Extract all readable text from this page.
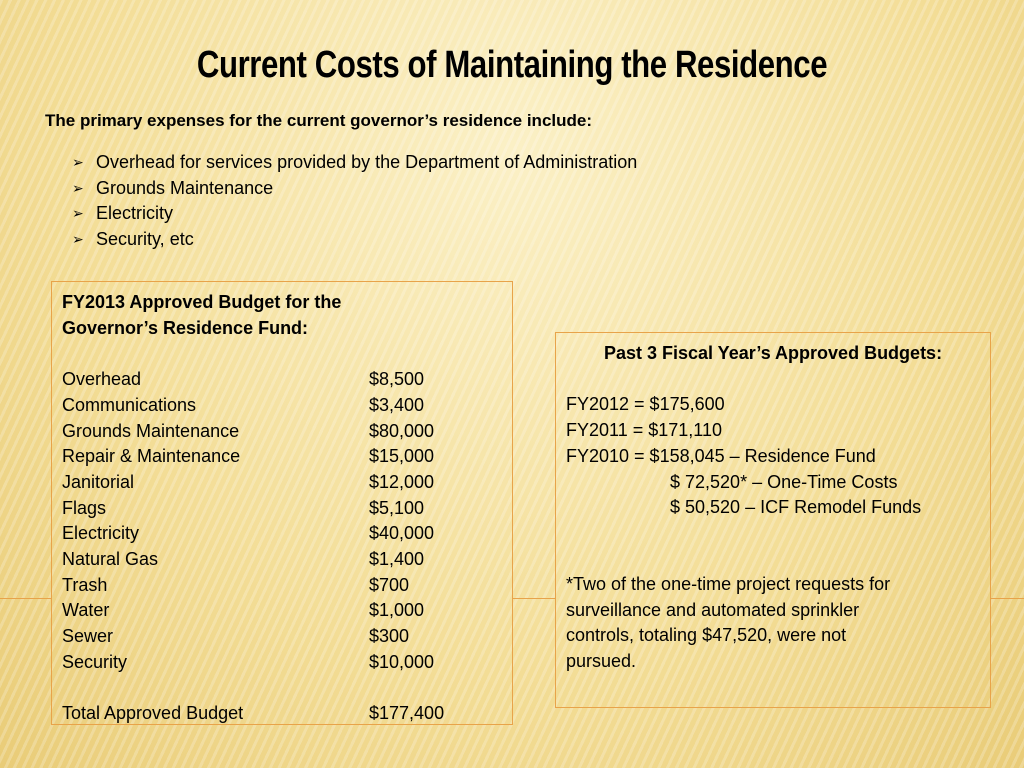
Current Costs of Maintaining the Residence
The primary expenses for the current governor’s residence include:
➢ Overhead for services provided by the Department of Administration
➢ Grounds Maintenance
➢ Electricity
➢ Security, etc
FY2013 Approved Budget for the
Governor’s Residence Fund:
Overhead	$8,500
Communications	$3,400
Grounds Maintenance	$80,000
Repair & Maintenance	$15,000
Janitorial	$12,000
Flags	$5,100
Electricity	$40,000
Natural Gas	$1,400
Trash	$700
Water	$1,000
Sewer	$300
Security	$10,000
Total Approved Budget	$177,400
Past 3 Fiscal Year’s Approved Budgets:
FY2012 = $175,600
FY2011 = $171,110
FY2010 = $158,045 – Residence Fund
$ 72,520* – One-Time Costs
$ 50,520 – ICF Remodel Funds
*Two of the one-time project requests for
surveillance and automated sprinkler
controls, totaling $47,520, were not
pursued.
